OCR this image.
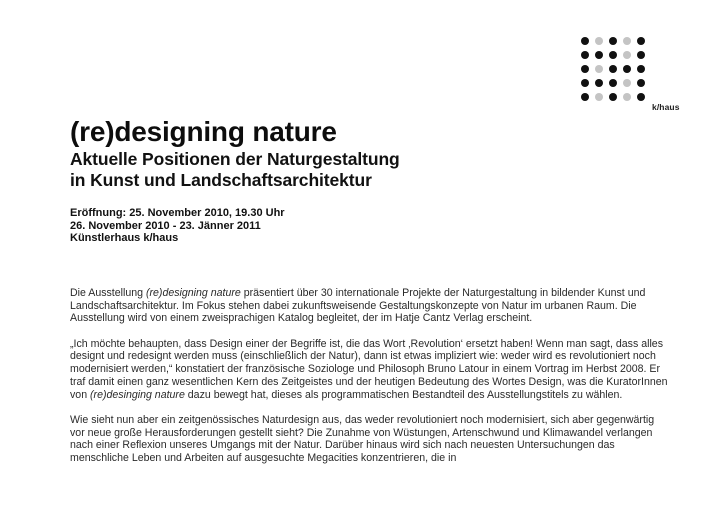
k/haus
(re)designing nature
Aktuelle Positionen der Naturgestaltung
in Kunst und Landschaftsarchitektur
Eröffnung: 25. November 2010, 19.30 Uhr
26. November 2010 - 23. Jänner 2011
Künstlerhaus k/haus

Die Ausstellung (re)designing nature präsentiert über 30 internationale Projekte der Naturgestaltung in bildender Kunst und Landschaftsarchitektur. Im Fokus stehen dabei zukunftsweisende Gestaltungskonzepte von Natur im urbanen Raum. Die Ausstellung wird von einem zweisprachigen Katalog begleitet, der im Hatje Cantz Verlag erscheint.

„Ich möchte behaupten, dass Design einer der Begriffe ist, die das Wort ‚Revolution‘ ersetzt haben! Wenn man sagt, dass alles designt und redesignt werden muss (einschließlich der Natur), dann ist etwas impliziert wie: weder wird es revolutioniert noch modernisiert werden,“ konstatiert der französische Soziologe und Philosoph Bruno Latour in einem Vortrag im Herbst 2008. Er traf damit einen ganz wesentlichen Kern des Zeitgeistes und der heutigen Bedeutung des Wortes Design, was die KuratorInnen von (re)desinging nature dazu bewegt hat, dieses als programmatischen Bestandteil des Ausstellungstitels zu wählen.

Wie sieht nun aber ein zeitgenössisches Naturdesign aus, das weder revolutioniert noch modernisiert, sich aber gegenwärtig vor neue große Herausforderungen gestellt sieht? Die Zunahme von Wüstungen, Artenschwund und Klimawandel verlangen nach einer Reflexion unseres Umgangs mit der Natur. Darüber hinaus wird sich nach neuesten Untersuchungen das menschliche Leben und Arbeiten auf ausgesuchte Megacities konzentrieren, die in
